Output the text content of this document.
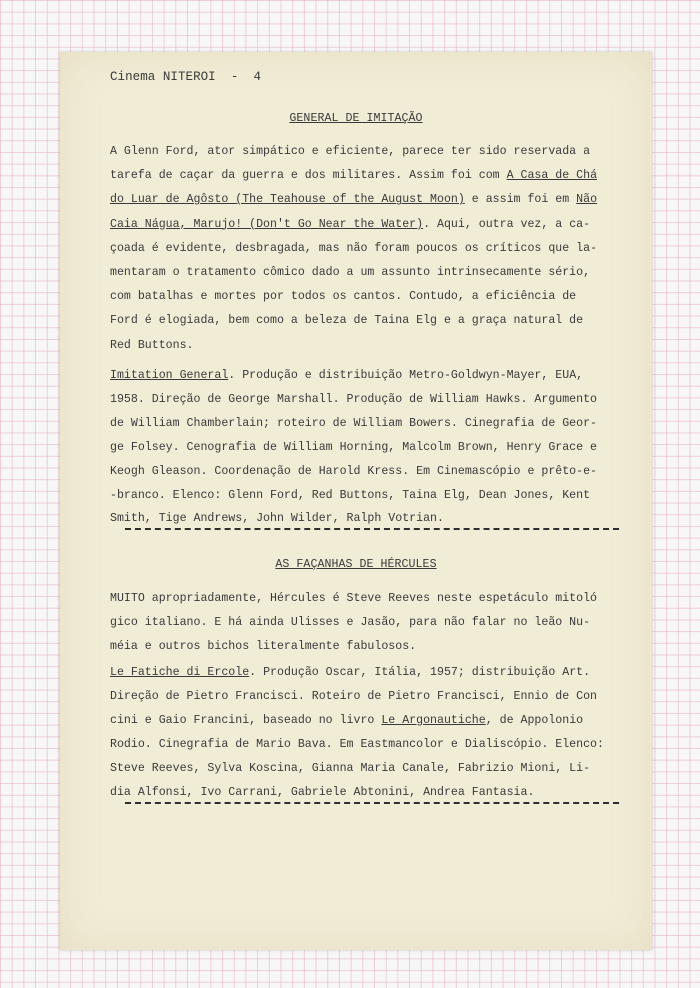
Cinema NITEROI  -  4
GENERAL DE IMITAÇÃO
A Glenn Ford, ator simpático e eficiente, parece ter sido reservada a
tarefa de caçar da guerra e dos militares. Assim foi com A Casa de Chá
do Luar de Agôsto (The Teahouse of the August Moon) e assim foi em Não
Caia Nágua, Marujo! (Don't Go Near the Water). Aqui, outra vez, a ca-
çoada é evidente, desbragada, mas não foram poucos os críticos que la-
mentaram o tratamento cômico dado a um assunto intrinsecamente sério,
com batalhas e mortes por todos os cantos. Contudo, a eficiência de
Ford é elogiada, bem como a beleza de Taina Elg e a graça natural de
Red Buttons.
Imitation General. Produção e distribuição Metro-Goldwyn-Mayer, EUA,
1958. Direção de George Marshall. Produção de William Hawks. Argumento
de William Chamberlain; roteiro de William Bowers. Cinegrafia de Geor-
ge Folsey. Cenografia de William Horning, Malcolm Brown, Henry Grace e
Keogh Gleason. Coordenação de Harold Kress. Em Cinemascópio e prêto-e-
-branco. Elenco: Glenn Ford, Red Buttons, Taina Elg, Dean Jones, Kent
Smith, Tige Andrews, John Wilder, Ralph Votrian.
AS FAÇANHAS DE HÉRCULES
MUITO apropriadamente, Hércules é Steve Reeves neste espetáculo mitoló
gico italiano. E há ainda Ulisses e Jasão, para não falar no leão Nu-
méia e outros bichos literalmente fabulosos.
Le Fatiche di Ercole. Produção Oscar, Itália, 1957; distribuição Art.
Direção de Pietro Francisci. Roteiro de Pietro Francisci, Ennio de Con
cini e Gaio Francini, baseado no livro Le Argonautiche, de Appolonio
Rodio. Cinegrafia de Mario Bava. Em Eastmancolor e Dialiscópio. Elenco:
Steve Reeves, Sylva Koscina, Gianna Maria Canale, Fabrizio Mioni, Li-
dia Alfonsi, Ivo Carrani, Gabriele Abtonini, Andrea Fantasia.
